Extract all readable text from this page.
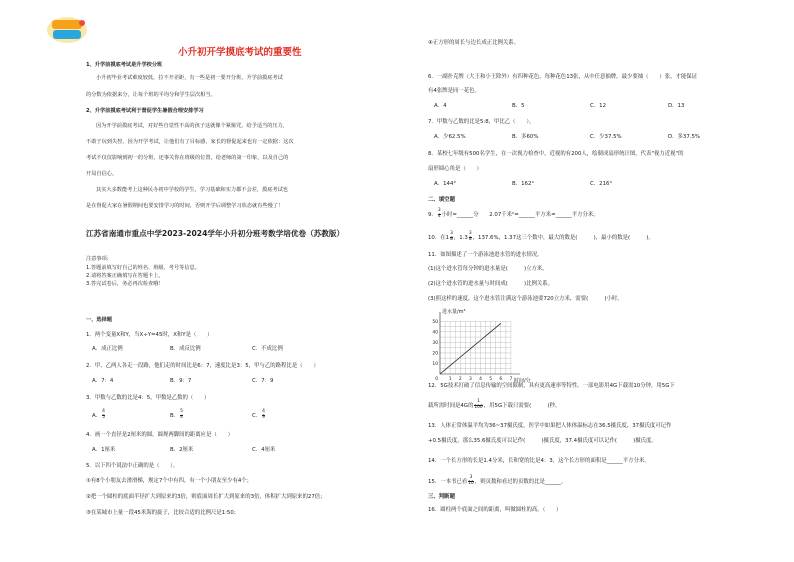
小升初开学摸底考试的重要性
1、升学前摸底考试是升学校分班
小升初毕业考试难度较低，拉不开差距，有一些是初一要开分班，升学前摸底考试
的分数为依据来分，让每个班的平均分和学生层次相当。
2、升学前摸底考试利于督促学生暑假合理安排学习
因为开学前摸底考试，对好些自觉性不高的孩子这就像个紧箍咒，给予适当的压力，
不敢于玩到失控。因为开学考试，让他们有了目标感，家长的督促起来也有一定依据：这次
考试不仅仅影响到初一的分班，还事关你在班级的位置，给老师的第一印象，以及自己的
开局自信心。
其实大多数能考上这种民办初中学校的学生，学习基础和实力都不会差，摸底考试也
是在督促大家在暑假期间也要安排学习的时间，否则开学后调整学习状态就有些慢了！
江苏省南通市重点中学2023-2024学年小升初分班考数学培优卷（苏教版）
注意事项:
1.答题前填写好自己的姓名、班级、考号等信息。
2.请将答案正确填写在答题卡上。
3.答完试卷后，务必再次检查哦！
一、选择题
1．两个变量X和Y，当X÷Y=45时，X和Y是（　　）
A．成正比例	B．成反比例	C．不成比例
2．甲、乙两人各走一段路，他们走的时间比是6：7，速度比是3：5，甲与乙的路程比是（　　）
A．7：4	B．9：7	C．7：9
3．甲数与乙数的比是4：5，甲数是乙数的（　　）
A． $\frac{4}{5}$	B． $\frac{5}{4}$	C． $\frac{4}{9}$
4．画一个直径是2厘米的圆，圆规两脚间的距离应是（　　）
A．1厘米	B．2厘米	C．4厘米
5．以下四个说法中正确的是（　　）。
①有8个小朋友去滑滑梯，规定7个中有四，有一个小朋友至少有4个；
②把一个圆柱的底面半径扩大到原来的3倍，则底面周长扩大到原来的3倍，体积扩大到原来的27倍；
③在某城市上量一段45米海的旋子，比较合适的比例尺是1:50；
④正方形的周长与边长成正比例关系。
6．一副扑克牌（大王和小王除外）有四种花色，每种花色13张，从中任意抽牌，最少要抽（　　）张，才能保证
有4张牌是同一花色。
A．4	B．5	C．12	D．13
7．甲数与乙数的比是5:8，甲比乙（　　）。
A．少62.5%	B．多60%	C．少37.5%	D．多37.5%
8．某校七年级有500名学生，在一次视力检查中，近视的有200人，绘制成扇形统计图，代表"视力近视"的
扇形圆心角是（　　）
A．144°	B．162°	C．216°
二、填空题
9． $\frac{3}{4}$ 小时=______分　　2.07千米²=______平方米=______平方分米。
10．在$1 \frac{3}{8}$ ，$1.3 \frac{3}{8}$ ，137.6%，1.37这三个数中，最大的数是(　　　)，最小的数是(　　　)。
11．如图描述了一个游泳池进水管的进水情况。
(1)这个进水管每分钟的进水量是(　　　)立方米。
(2)这个进水管的进水量与时间成(　　　)比例关系。
(3)照这样的速度，这个进水管注满这个游泳池要720立方米，需要(　　　)小时。
10
20
30
40
50
1 2 3 4 5 6 7
0
进水量/m³
时间/分
12．5G技术打破了信息传输的空间限制，具有更高速率等特性。一部电影用4G下载需10分钟，用5G下
载所需时间是4G的 $\frac{1}{100}$ ，用5G下载只需要(　　　)秒。
13．人体正常体温平均为36~37摄氏度，医学中如果把人体体温标志在36.5摄氏度，37摄氏度可记作
+0.5摄氏度，那么35.6摄氏度可以记作(　　　)摄氏度，37.4摄氏度可以记作(　　　)摄氏度。
14．一个长方形的长是1.4分米，长和宽的比是4：3，这个长方形的面积是______平方分米。
15．一本书已看 $\frac{3}{10}$ ，则页数和看过的页数的比是______。
三、判断题
16．圆柱两个底面之间的距离，叫做圆柱的高。（　　）
